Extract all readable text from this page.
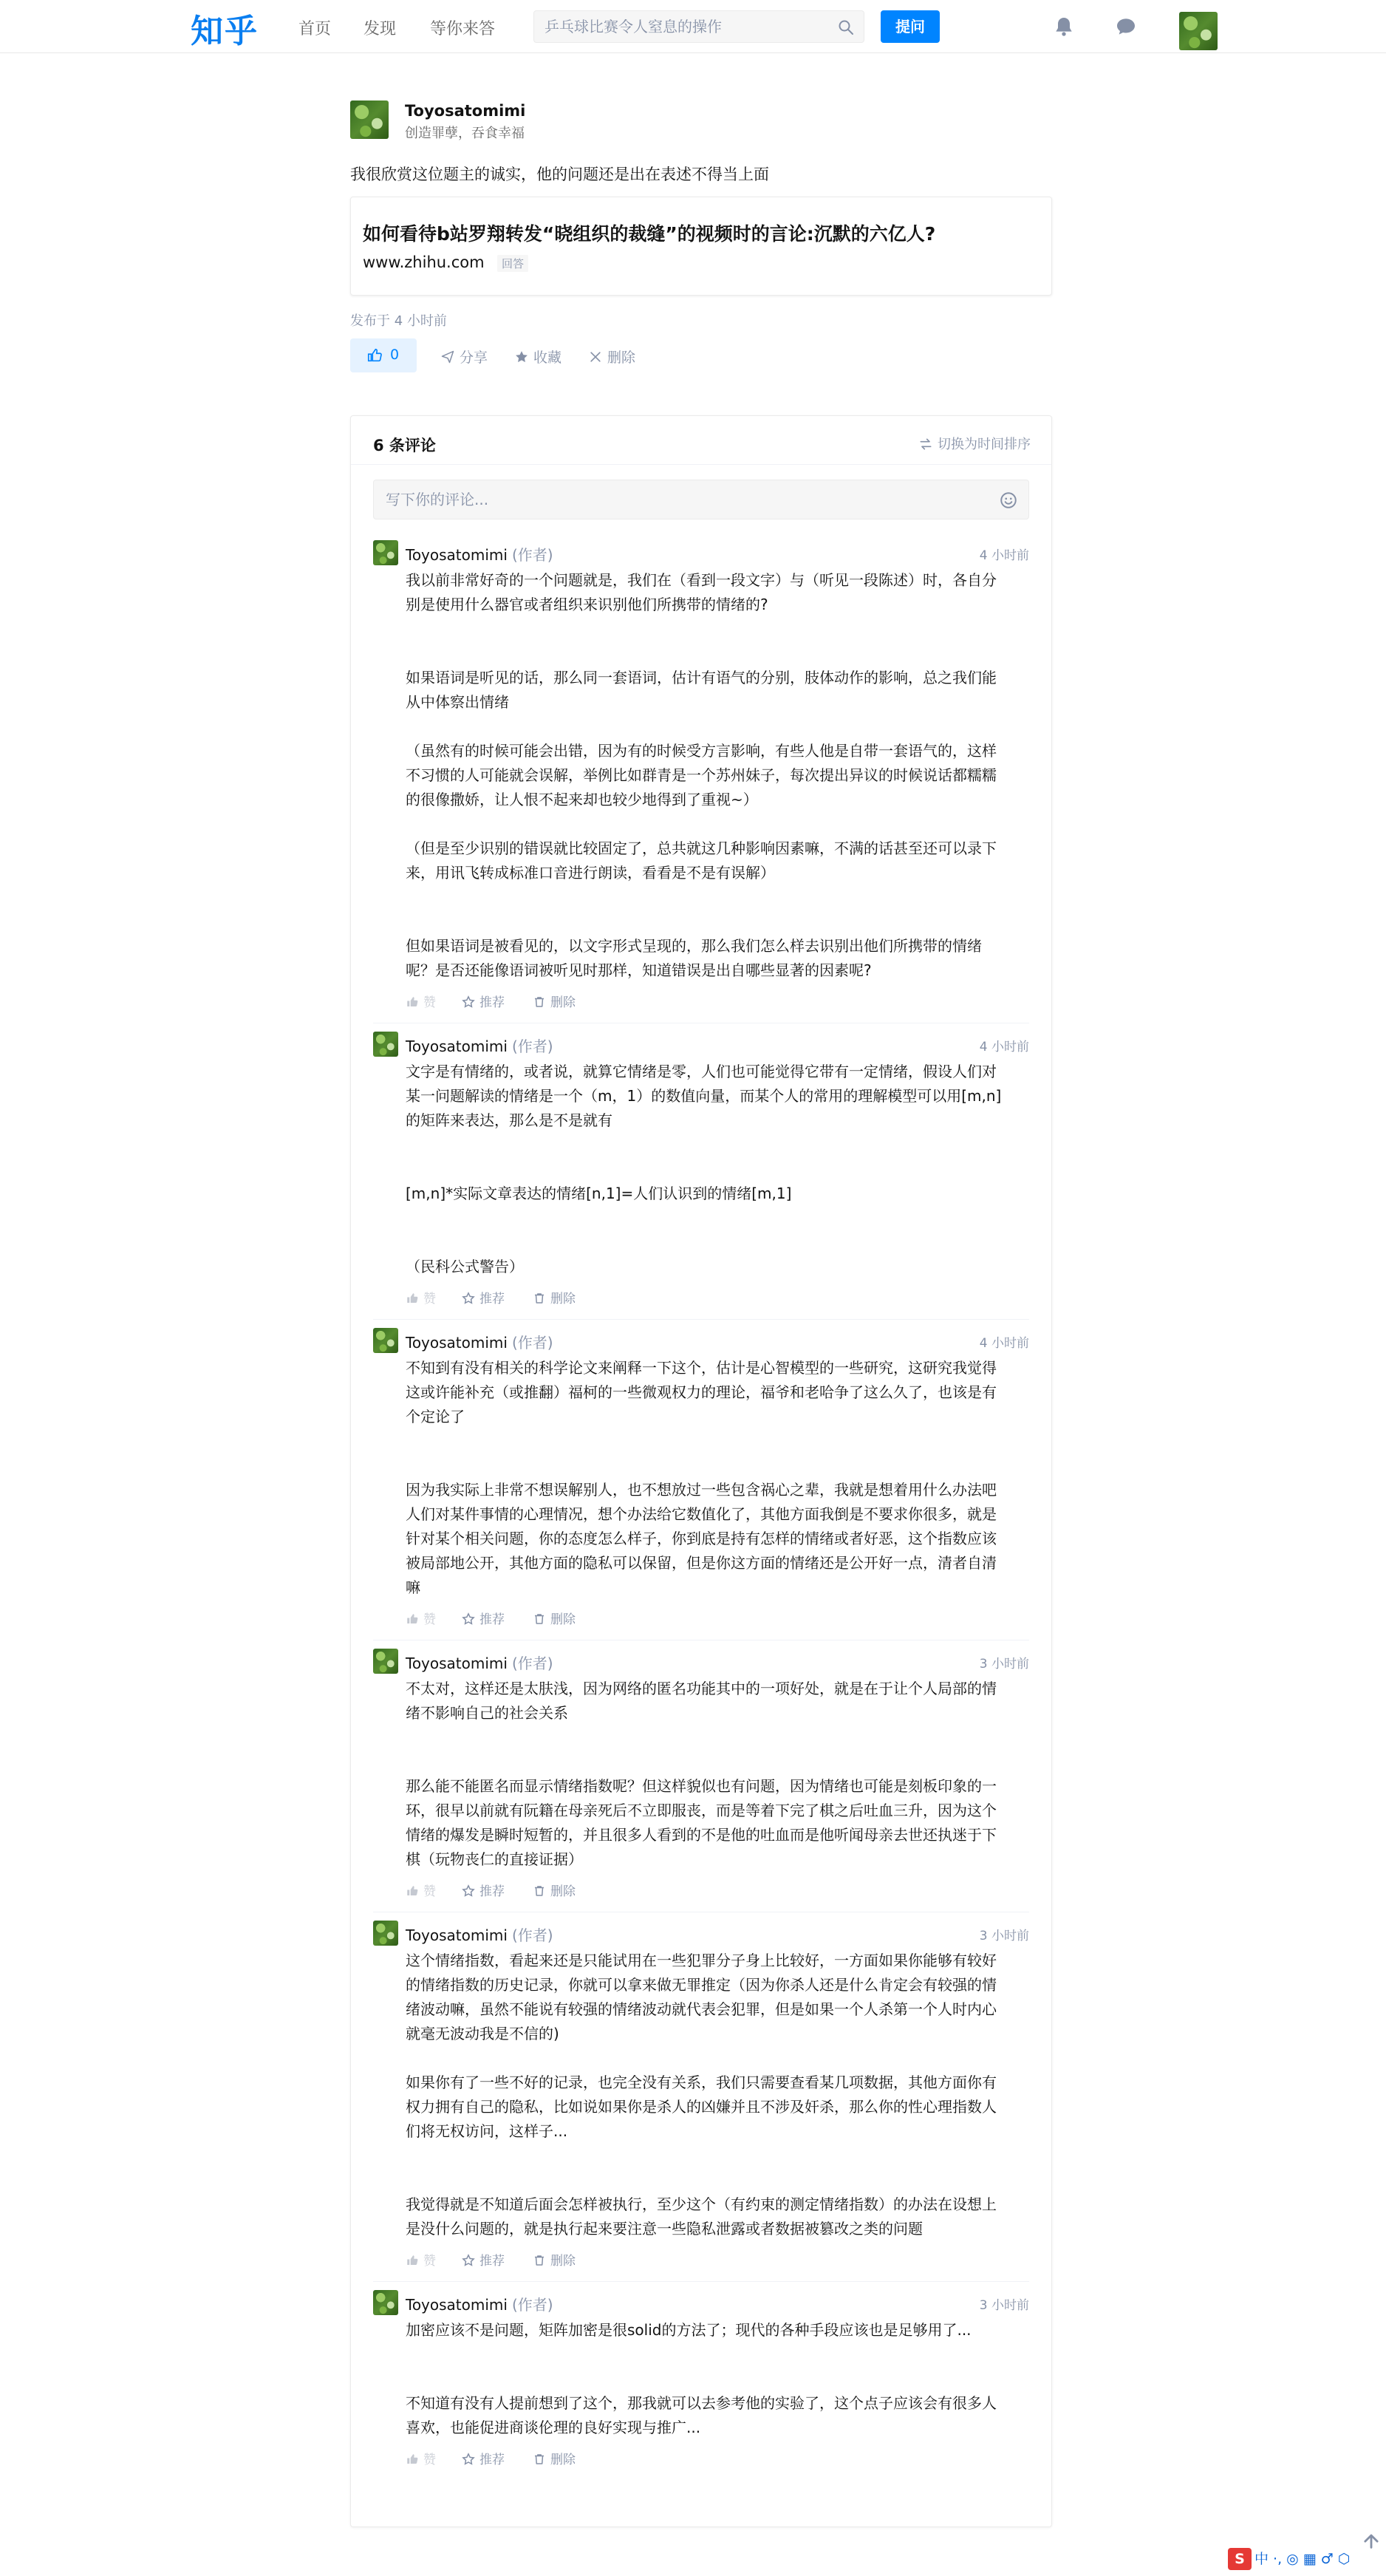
知乎 首页 发现 等你来答
乒乓球比赛令人窒息的操作	提问
Toyosatomimi
创造罪孽，吞食幸福
我很欣赏这位题主的诚实，他的问题还是出在表述不得当上面
如何看待b站罗翔转发“晓组织的裁缝”的视频时的言论:沉默的六亿人?
www.zhihu.com	回答
发布于 4 小时前
0	分享	收藏	删除
6 条评论	切换为时间排序
写下你的评论...
Toyosatomimi (作者)	4 小时前

我以前非常好奇的一个问题就是，我们在（看到一段文字）与（听见一段陈述）时，各自分

别是使用什么器官或者组织来识别他们所携带的情绪的?

如果语词是听见的话，那么同一套语词，估计有语气的分别，肢体动作的影响，总之我们能

从中体察出情绪

（虽然有的时候可能会出错，因为有的时候受方言影响，有些人他是自带一套语气的，这样

不习惯的人可能就会误解，举例比如群青是一个苏州妹子，每次提出异议的时候说话都糯糯

的很像撒娇，让人恨不起来却也较少地得到了重视~）

（但是至少识别的错误就比较固定了，总共就这几种影响因素嘛，不满的话甚至还可以录下

来，用讯飞转成标准口音进行朗读，看看是不是有误解）

但如果语词是被看见的，以文字形式呈现的，那么我们怎么样去识别出他们所携带的情绪

呢？是否还能像语词被听见时那样，知道错误是出自哪些显著的因素呢?

赞	推荐	删除
Toyosatomimi (作者)	4 小时前

文字是有情绪的，或者说，就算它情绪是零，人们也可能觉得它带有一定情绪，假设人们对

某一问题解读的情绪是一个（m，1）的数值向量，而某个人的常用的理解模型可以用[m,n]

的矩阵来表达，那么是不是就有

[m,n]*实际文章表达的情绪[n,1]=人们认识到的情绪[m,1]

（民科公式警告）

赞	推荐	删除
Toyosatomimi (作者)	4 小时前

不知到有没有相关的科学论文来阐释一下这个，估计是心智模型的一些研究，这研究我觉得

这或许能补充（或推翻）福柯的一些微观权力的理论，福爷和老哈争了这么久了，也该是有

个定论了

因为我实际上非常不想误解别人，也不想放过一些包含祸心之辈，我就是想着用什么办法吧

人们对某件事情的心理情况，想个办法给它数值化了，其他方面我倒是不要求你很多，就是

针对某个相关问题，你的态度怎么样子，你到底是持有怎样的情绪或者好恶，这个指数应该

被局部地公开，其他方面的隐私可以保留，但是你这方面的情绪还是公开好一点，清者自清

嘛

赞	推荐	删除
Toyosatomimi (作者)	3 小时前

不太对，这样还是太肤浅，因为网络的匿名功能其中的一项好处，就是在于让个人局部的情

绪不影响自己的社会关系

那么能不能匿名而显示情绪指数呢？但这样貌似也有问题，因为情绪也可能是刻板印象的一

环，很早以前就有阮籍在母亲死后不立即服丧，而是等着下完了棋之后吐血三升，因为这个

情绪的爆发是瞬时短暂的，并且很多人看到的不是他的吐血而是他听闻母亲去世还执迷于下

棋（玩物丧仁的直接证据）

赞	推荐	删除
Toyosatomimi (作者)	3 小时前

这个情绪指数，看起来还是只能试用在一些犯罪分子身上比较好，一方面如果你能够有较好

的情绪指数的历史记录，你就可以拿来做无罪推定（因为你杀人还是什么肯定会有较强的情

绪波动嘛，虽然不能说有较强的情绪波动就代表会犯罪，但是如果一个人杀第一个人时内心

就毫无波动我是不信的)

如果你有了一些不好的记录，也完全没有关系，我们只需要查看某几项数据，其他方面你有

权力拥有自己的隐私，比如说如果你是杀人的凶嫌并且不涉及奸杀，那么你的性心理指数人

们将无权访问，这样子...

我觉得就是不知道后面会怎样被执行，至少这个（有约束的测定情绪指数）的办法在设想上

是没什么问题的，就是执行起来要注意一些隐私泄露或者数据被篡改之类的问题

赞	推荐	删除
Toyosatomimi (作者)	3 小时前

加密应该不是问题，矩阵加密是很solid的方法了；现代的各种手段应该也是足够用了...

不知道有没有人提前想到了这个，那我就可以去参考他的实验了，这个点子应该会有很多人

喜欢，也能促进商谈伦理的良好实现与推广...

赞	推荐	删除
S 中 ·, ◎ ▦ ♂ ⬡
